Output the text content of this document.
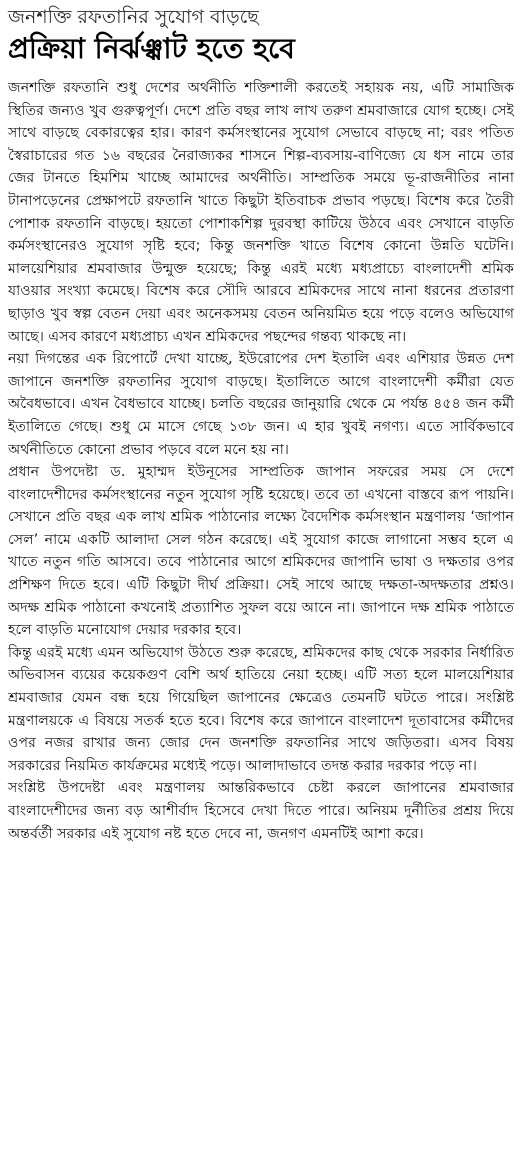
জনশক্তি রফতানির সুযোগ বাড়ছে
প্রক্রিয়া নির্ঝঞ্ঝাট হতে হবে

জনশক্তি রফতানি শুধু দেশের অর্থনীতি শক্তিশালী করতেই সহায়ক নয়, এটি সামাজিক স্থিতির জন্যও খুব গুরুত্বপূর্ণ। দেশে প্রতি বছর লাখ লাখ তরুণ শ্রমবাজারে যোগ হচ্ছে। সেই সাথে বাড়ছে বেকারত্বের হার। কারণ কর্মসংস্থানের সুযোগ সেভাবে বাড়ছে না; বরং পতিত স্বৈরাচারের গত ১৬ বছরের নৈরাজ্যকর শাসনে শিল্প-ব্যবসায়-বাণিজ্যে যে ধস নামে তার জের টানতে হিমশিম খাচ্ছে আমাদের অর্থনীতি। সাম্প্রতিক সময়ে ভূ-রাজনীতির নানা টানাপড়েনের প্রেক্ষাপটে রফতানি খাতে কিছুটা ইতিবাচক প্রভাব পড়ছে। বিশেষ করে তৈরী পোশাক রফতানি বাড়ছে। হয়তো পোশাকশিল্প দুরবস্থা কাটিয়ে উঠবে এবং সেখানে বাড়তি কর্মসংস্থানেরও সুযোগ সৃষ্টি হবে; কিন্তু জনশক্তি খাতে বিশেষ কোনো উন্নতি ঘটেনি। মালয়েশিয়ার শ্রমবাজার উন্মুক্ত হয়েছে; কিন্তু এরই মধ্যে মধ্যপ্রাচ্যে বাংলাদেশী শ্রমিক যাওয়ার সংখ্যা কমেছে। বিশেষ করে সৌদি আরবে শ্রমিকদের সাথে নানা ধরনের প্রতারণা ছাড়াও খুব স্বল্প বেতন দেয়া এবং অনেকসময় বেতন অনিয়মিত হয়ে পড়ে বলেও অভিযোগ আছে। এসব কারণে মধ্যপ্রাচ্য এখন শ্রমিকদের পছন্দের গন্তব্য থাকছে না।

নয়া দিগন্তের এক রিপোর্টে দেখা যাচ্ছে, ইউরোপের দেশ ইতালি এবং এশিয়ার উন্নত দেশ জাপানে জনশক্তি রফতানির সুযোগ বাড়ছে। ইতালিতে আগে বাংলাদেশী কর্মীরা যেত অবৈধভাবে। এখন বৈধভাবে যাচ্ছে। চলতি বছরের জানুয়ারি থেকে মে পর্যন্ত ৪৫৪ জন কর্মী ইতালিতে গেছে। শুধু মে মাসে গেছে ১৩৮ জন। এ হার খুবই নগণ্য। এতে সার্বিকভাবে অর্থনীতিতে কোনো প্রভাব পড়বে বলে মনে হয় না।

প্রধান উপদেষ্টা ড. মুহাম্মদ ইউনূসের সাম্প্রতিক জাপান সফরের সময় সে দেশে বাংলাদেশীদের কর্মসংস্থানের নতুন সুযোগ সৃষ্টি হয়েছে। তবে তা এখনো বাস্তবে রূপ পায়নি। সেখানে প্রতি বছর এক লাখ শ্রমিক পাঠানোর লক্ষ্যে বৈদেশিক কর্মসংস্থান মন্ত্রণালয় ‘জাপান সেল’ নামে একটি আলাদা সেল গঠন করেছে। এই সুযোগ কাজে লাগানো সম্ভব হলে এ খাতে নতুন গতি আসবে। তবে পাঠানোর আগে শ্রমিকদের জাপানি ভাষা ও দক্ষতার ওপর প্রশিক্ষণ দিতে হবে। এটি কিছুটা দীর্ঘ প্রক্রিয়া। সেই সাথে আছে দক্ষতা-অদক্ষতার প্রশ্নও। অদক্ষ শ্রমিক পাঠানো কখনোই প্রত্যাশিত সুফল বয়ে আনে না। জাপানে দক্ষ শ্রমিক পাঠাতে হলে বাড়তি মনোযোগ দেয়ার দরকার হবে।

কিন্তু এরই মধ্যে এমন অভিযোগ উঠতে শুরু করেছে, শ্রমিকদের কাছ থেকে সরকার নির্ধারিত অভিবাসন ব্যয়ের কয়েকগুণ বেশি অর্থ হাতিয়ে নেয়া হচ্ছে। এটি সত্য হলে মালয়েশিয়ার শ্রমবাজার যেমন বন্ধ হয়ে গিয়েছিল জাপানের ক্ষেত্রেও তেমনটি ঘটতে পারে। সংশ্লিষ্ট মন্ত্রণালয়কে এ বিষয়ে সতর্ক হতে হবে। বিশেষ করে জাপানে বাংলাদেশ দূতাবাসের কর্মীদের ওপর নজর রাখার জন্য জোর দেন জনশক্তি রফতানির সাথে জড়িতরা। এসব বিষয় সরকারের নিয়মিত কার্যক্রমের মধ্যেই পড়ে। আলাদাভাবে তদন্ত করার দরকার পড়ে না।

সংশ্লিষ্ট উপদেষ্টা এবং মন্ত্রণালয় আন্তরিকভাবে চেষ্টা করলে জাপানের শ্রমবাজার বাংলাদেশীদের জন্য বড় আশীর্বাদ হিসেবে দেখা দিতে পারে। অনিয়ম দুর্নীতির প্রশ্রয় দিয়ে অন্তর্বর্তী সরকার এই সুযোগ নষ্ট হতে দেবে না, জনগণ এমনটিই আশা করে।
